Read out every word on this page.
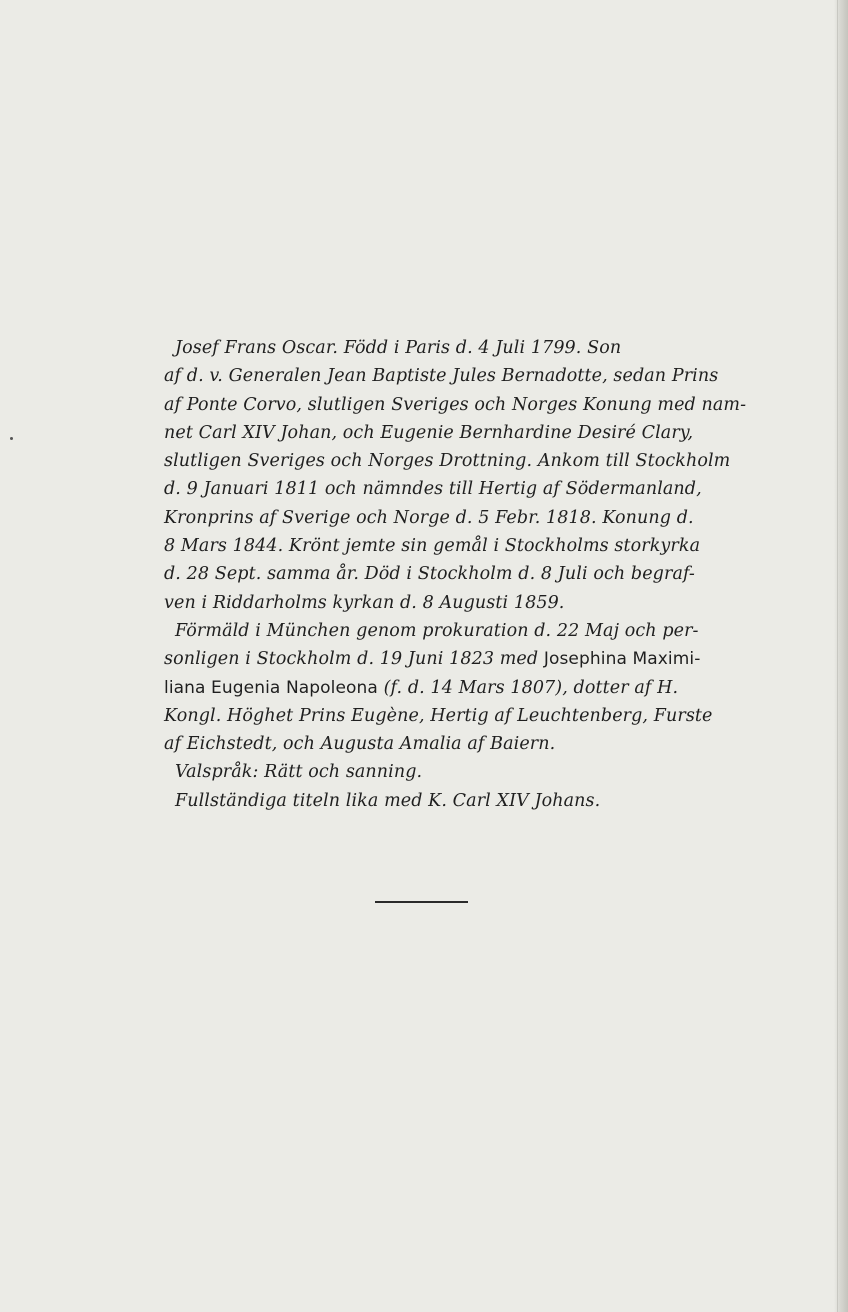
Josef Frans Oscar. Född i Paris d. 4 Juli 1799. Son
af d. v. Generalen Jean Baptiste Jules Bernadotte, sedan Prins
af Ponte Corvo, slutligen Sveriges och Norges Konung med nam-
net Carl XIV Johan, och Eugenie Bernhardine Desiré Clary,
slutligen Sveriges och Norges Drottning. Ankom till Stockholm
d. 9 Januari 1811 och nämndes till Hertig af Södermanland,
Kronprins af Sverige och Norge d. 5 Febr. 1818. Konung d.
8 Mars 1844. Krönt jemte sin gemål i Stockholms storkyrka
d. 28 Sept. samma år. Död i Stockholm d. 8 Juli och begraf-
ven i Riddarholms kyrkan d. 8 Augusti 1859.
Förmäld i München genom prokuration d. 22 Maj och per-
sonligen i Stockholm d. 19 Juni 1823 med Josephina Maximi-
liana Eugenia Napoleona (f. d. 14 Mars 1807), dotter af H.
Kongl. Höghet Prins Eugène, Hertig af Leuchtenberg, Furste
af Eichstedt, och Augusta Amalia af Baiern.
Valspråk: Rätt och sanning.
Fullständiga titeln lika med K. Carl XIV Johans.
